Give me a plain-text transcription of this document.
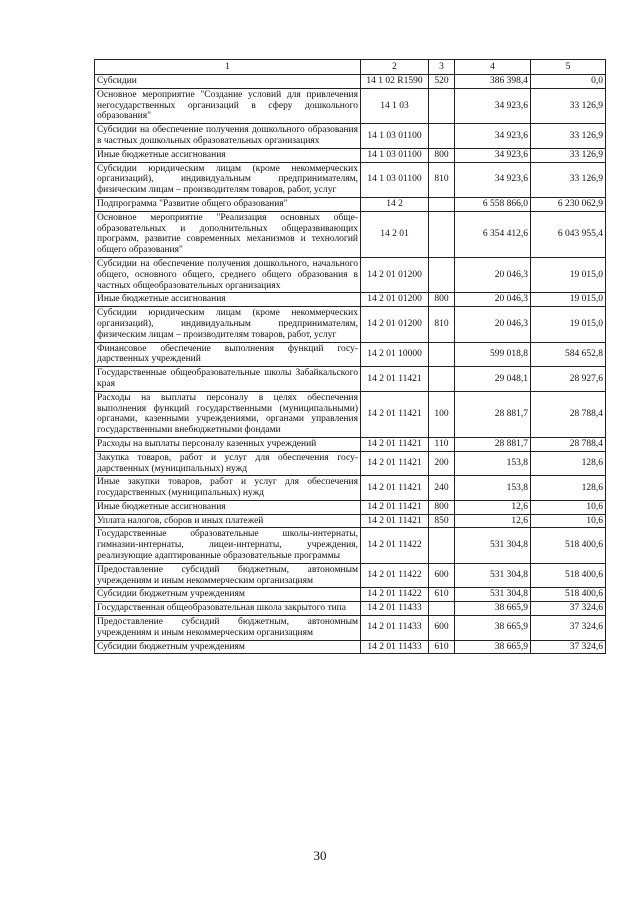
1	2	3	4	5
Субсидии	14 1 02 R1590	520	386 398,4	0,0
Основное мероприятие "Создание условий для привлечения негосударственных организаций в сферу дошкольного образования"	14 1 03		34 923,6	33 126,9
Субсидии на обеспечение получения дошкольного образования в частных дошкольных образовательных организациях	14 1 03 01100		34 923,6	33 126,9
Иные бюджетные ассигнования	14 1 03 01100	800	34 923,6	33 126,9
Субсидии юридическим лицам (кроме некоммерческих организаций), индивидуальным предпринимателям, физическим лицам – производителям товаров, работ, услуг	14 1 03 01100	810	34 923,6	33 126,9
Подпрограмма "Развитие общего образования"	14 2		6 558 866,0	6 230 062,9
Основное мероприятие "Реализация основных общеобразовательных и дополнительных общеразвивающих программ, развитие современных механизмов и технологий общего образования"	14 2 01		6 354 412,6	6 043 955,4
Субсидии на обеспечение получения дошкольного, начального общего, основного общего, среднего общего образования в частных общеобразовательных организациях	14 2 01 01200		20 046,3	19 015,0
Иные бюджетные ассигнования	14 2 01 01200	800	20 046,3	19 015,0
Субсидии юридическим лицам (кроме некоммерческих организаций), индивидуальным предпринимателям, физическим лицам – производителям товаров, работ, услуг	14 2 01 01200	810	20 046,3	19 015,0
Финансовое обеспечение выполнения функций государственных учреждений	14 2 01 10000		599 018,8	584 652,8
Государственные общеобразовательные школы Забайкальского края	14 2 01 11421		29 048,1	28 927,6
Расходы на выплаты персоналу в целях обеспечения выполнения функций государственными (муниципальными) органами, казенными учреждениями, органами управления государственными внебюджетными фондами	14 2 01 11421	100	28 881,7	28 788,4
Расходы на выплаты персоналу казенных учреждений	14 2 01 11421	110	28 881,7	28 788,4
Закупка товаров, работ и услуг для обеспечения государственных (муниципальных) нужд	14 2 01 11421	200	153,8	128,6
Иные закупки товаров, работ и услуг для обеспечения государственных (муниципальных) нужд	14 2 01 11421	240	153,8	128,6
Иные бюджетные ассигнования	14 2 01 11421	800	12,6	10,6
Уплата налогов, сборов и иных платежей	14 2 01 11421	850	12,6	10,6
Государственные образовательные школы-интернаты, гимназии-интернаты, лицеи-интернаты, учреждения, реализующие адаптированные образовательные программы	14 2 01 11422		531 304,8	518 400,6
Предоставление субсидий бюджетным, автономным учреждениям и иным некоммерческим организациям	14 2 01 11422	600	531 304,8	518 400,6
Субсидии бюджетным учреждениям	14 2 01 11422	610	531 304,8	518 400,6
Государственная общеобразовательная школа закрытого типа	14 2 01 11433		38 665,9	37 324,6
Предоставление субсидий бюджетным, автономным учреждениям и иным некоммерческим организациям	14 2 01 11433	600	38 665,9	37 324,6
Субсидии бюджетным учреждениям	14 2 01 11433	610	38 665,9	37 324,6
30
